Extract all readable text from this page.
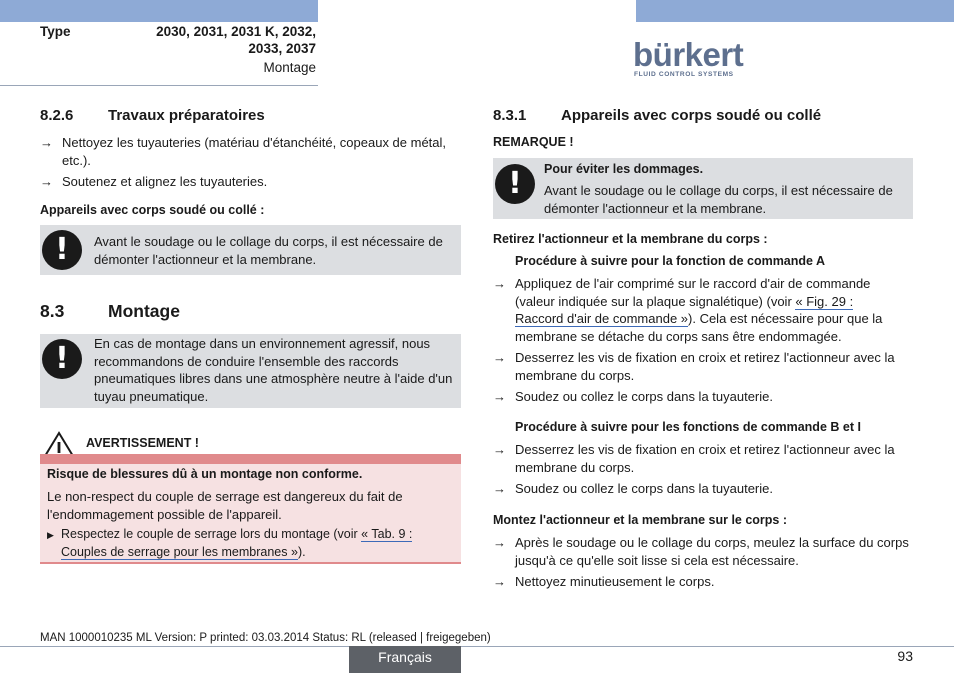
Type	2030, 2031, 2031 K, 2032,
2033, 2037
Montage	bürkert
FLUID CONTROL SYSTEMS
8.2.6 Travaux préparatoires
→ Nettoyez les tuyauteries (matériau d'étanchéité, copeaux de métal, etc.).
→ Soutenez et alignez les tuyauteries.
Appareils avec corps soudé ou collé :
!	Avant le soudage ou le collage du corps, il est nécessaire de démonter l'actionneur et la membrane.
8.3 Montage
!	En cas de montage dans un environnement agressif, nous recommandons de conduire l'ensemble des raccords pneumatiques libres dans une atmosphère neutre à l'aide d'un tuyau pneumatique.
AVERTISSEMENT !
Risque de blessures dû à un montage non conforme.
Le non-respect du couple de serrage est dangereux du fait de l'endommagement possible de l'appareil.
▶ Respectez le couple de serrage lors du montage (voir « Tab. 9 :
Couples de serrage pour les membranes »).
8.3.1 Appareils avec corps soudé ou collé
REMARQUE !
!	Pour éviter les dommages.
Avant le soudage ou le collage du corps, il est nécessaire de démonter l'actionneur et la membrane.
Retirez l'actionneur et la membrane du corps :
Procédure à suivre pour la fonction de commande A
→ Appliquez de l'air comprimé sur le raccord d'air de commande
(valeur indiquée sur la plaque signalétique) (voir « Fig. 29 :
Raccord d'air de commande »). Cela est nécessaire pour que la
membrane se détache du corps sans être endommagée.
→ Desserrez les vis de fixation en croix et retirez l'actionneur avec la membrane du corps.
→ Soudez ou collez le corps dans la tuyauterie.
Procédure à suivre pour les fonctions de commande B et I
→ Desserrez les vis de fixation en croix et retirez l'actionneur avec la membrane du corps.
→ Soudez ou collez le corps dans la tuyauterie.
Montez l'actionneur et la membrane sur le corps :
→ Après le soudage ou le collage du corps, meulez la surface du corps jusqu'à ce qu'elle soit lisse si cela est nécessaire.
→ Nettoyez minutieusement le corps.
MAN 1000010235 ML Version: P printed: 03.03.2014 Status: RL (released | freigegeben)
Français	93
